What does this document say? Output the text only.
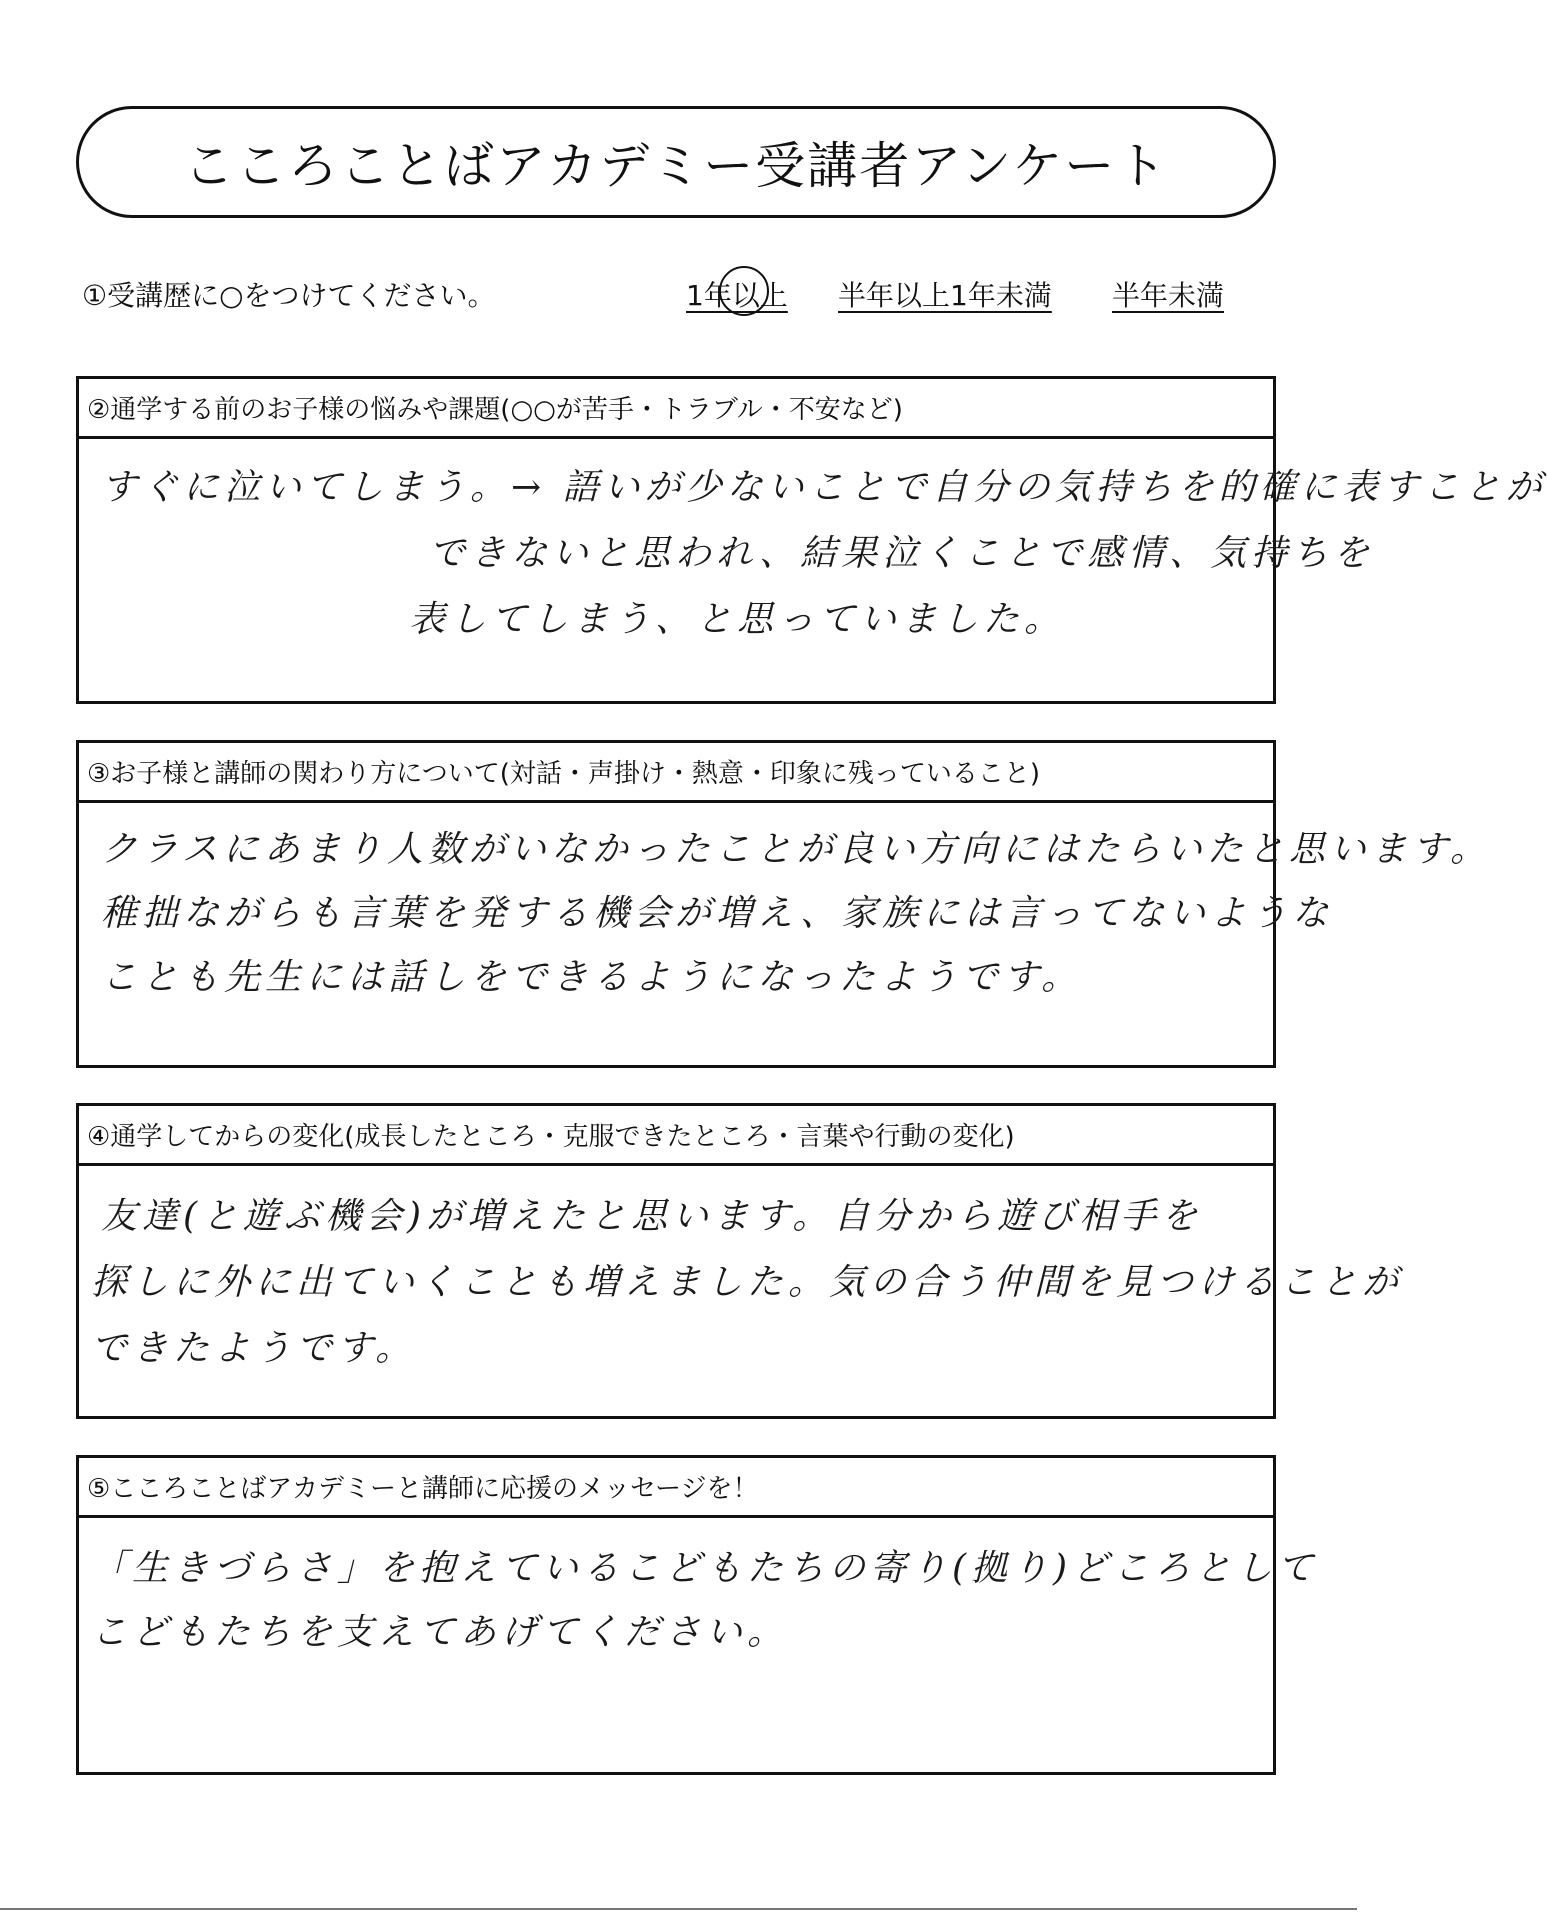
こころことばアカデミー受講者アンケート
①受講歴に○をつけてください。	1年以上 半年以上1年未満 半年未満
②通学する前のお子様の悩みや課題(○○が苦手・トラブル・不安など)
すぐに泣いてしまう。→ 語いが少ないことで自分の気持ちを的確に表すことが
できないと思われ、結果泣くことで感情、気持ちを
表してしまう、と思っていました。
③お子様と講師の関わり方について(対話・声掛け・熱意・印象に残っていること)
クラスにあまり人数がいなかったことが良い方向にはたらいたと思います。
稚拙ながらも言葉を発する機会が増え、家族には言ってないような
ことも先生には話しをできるようになったようです。
④通学してからの変化(成長したところ・克服できたところ・言葉や行動の変化)
友達(と遊ぶ機会)が増えたと思います。自分から遊び相手を
探しに外に出ていくことも増えました。気の合う仲間を見つけることが
できたようです。
⑤こころことばアカデミーと講師に応援のメッセージを！
「生きづらさ」を抱えているこどもたちの寄り(拠り)どころとして
こどもたちを支えてあげてください。
